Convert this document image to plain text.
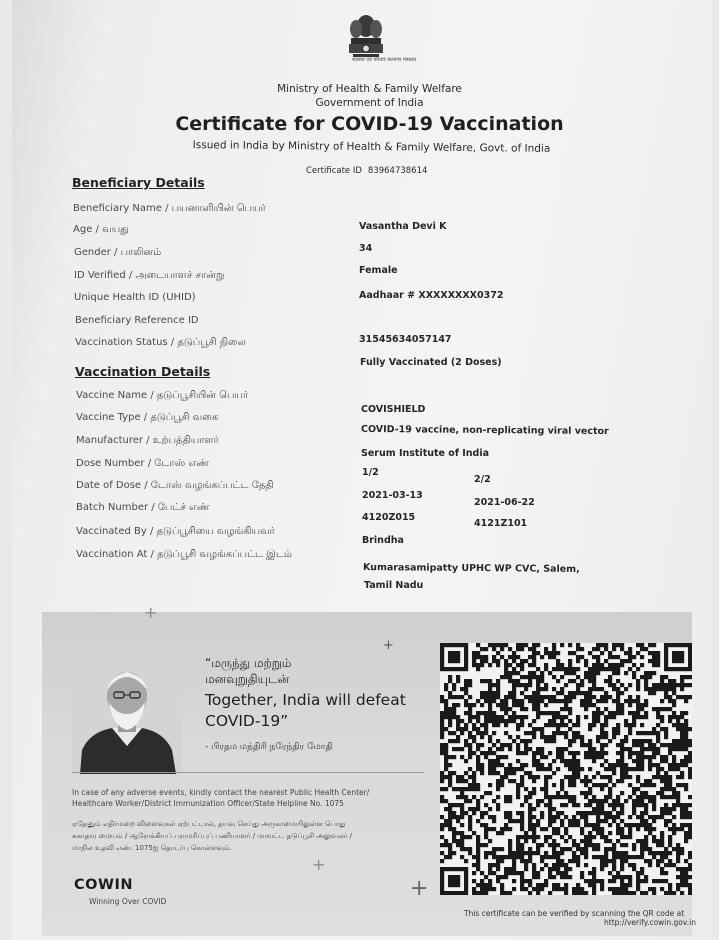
स्वास्थ्य एवं परिवार कल्याण मंत्रालय
Ministry of Health & Family Welfare
Government of India
Certificate for COVID-19 Vaccination
Issued in India by Ministry of Health & Family Welfare, Govt. of India
Certificate ID 83964738614
Beneficiary Details
Beneficiary Name / பயனாளியின் பெயர்
Age / வயது
Gender / பாலினம்
ID Verified / அடையாளச் சான்று
Unique Health ID (UHID)
Beneficiary Reference ID
Vaccination Status / தடுப்பூசி நிலை
Vasantha Devi K
34
Female
Aadhaar # XXXXXXXX0372
31545634057147
Fully Vaccinated (2 Doses)
Vaccination Details
Vaccine Name / தடுப்பூசியின் பெயர்
Vaccine Type / தடுப்பூசி வகை
Manufacturer / உற்பத்தியாளர்
Dose Number / டோஸ் எண்
Date of Dose / டோஸ் வழங்கப்பட்ட தேதி
Batch Number / பேட்ச் எண்
Vaccinated By / தடுப்பூசியை வழங்கியவர்
Vaccination At / தடுப்பூசி வழங்கப்பட்ட இடம்
COVISHIELD
COVID-19 vaccine, non-replicating viral vector
Serum Institute of India
1/2
2/2
2021-03-13
2021-06-22
4120Z015
4121Z101
Brindha
Kumarasamipatty UPHC WP CVC, Salem,
Tamil Nadu
+
+
+
+
“மருந்து மற்றும்
மனவுறுதியுடன்
Together, India will defeat
COVID-19”
- பிரதம மந்திரி நரேந்திர மோதி
In case of any adverse events, kindly contact the nearest Public Health Center/
Healthcare Worker/District Immunization Officer/State Helpline No. 1075
ஏதேனும் எதிர்மறை விளைவுகள் ஏற்பட்டால், தயவு செய்து அருகாமையிலுள்ள பொது
சுகாதார மையம் / ஆரோக்கியப் பராமரிப்புப் பணியாளர் / மாவட்ட தடுப்பூசி அலுவலர் /
மாநில உதவி எண். 1075ஐ தொடர்பு கொள்ளவும்.
COWIN
Winning Over COVID
This certificate can be verified by scanning the QR code at
http://verify.cowin.gov.in
